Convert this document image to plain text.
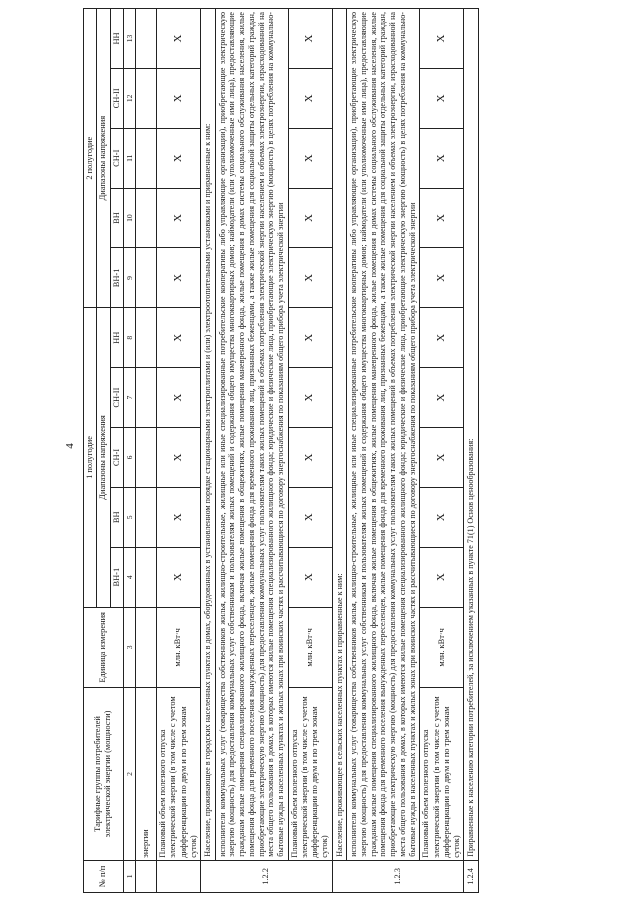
4
№ п/п	Тарифные группы потребителей электрической энергии (мощности)	Единица измерения	1 полугодие					2 полугодие				
			Диапазоны напряжения					Диапазоны напряжения				
			ВН-1	ВН	СН-I	СН-II	НН	ВН-1	ВН	СН-I	СН-II	НН
1	2	3	4	5	6	7	8	9	10	11	12	13
	энергии											
	Плановый объем полезного отпуска электрической энергии (в том числе с учетом дифференциации по двум и по трем зонам суток)	млн. кВт·ч	X	X	X	X	X	X	X	X	X	X
1.2.2	Население, проживающее в городских населенных пунктах в домах, оборудованных в установленном порядке стационарными электроплитами и (или) электроотопительными установками и приравненные к ним:											
	исполнители коммунальных услуг (товарищества собственников жилья, жилищно-строительные, жилищные или иные специализированные потребительские кооперативы либо управляющие организации), приобретающие электрическую энергию (мощность) для предоставления коммунальных услуг собственникам и пользователям жилых помещений и содержания общего имущества многоквартирных домов; наймодатели (или уполномоченные ими лица), предоставляющие гражданам жилые помещения специализированного жилищного фонда, включая жилые помещения в общежитиях, жилые помещения маневренного фонда, жилые помещения в домах системы социального обслуживания населения, жилые помещения фонда для временного поселения вынужденных переселенцев, жилые помещения фонда для временного проживания лиц, признанных беженцами, а также жилые помещения для социальной защиты отдельных категорий граждан, приобретающие электрическую энергию (мощность) для предоставления коммунальных услуг пользователям таких жилых помещений в объемах потребления электрической энергии населением и объемах электроэнергии, израсходованной на места общего пользования в домах, в которых имеются жилые помещения специализированного жилищного фонда; юридические и физические лица, приобретающие электрическую энергию (мощность) в целях потребления на коммунально-бытовые нужды в населенных пунктах и жилых зонах при воинских частях и рассчитывающиеся по договору энергоснабжения по показаниям общего прибора учета электрической энергии											
	Плановый объем полезного отпуска электрической энергии (в том числе с учетом дифференциации по двум и по трем зонам суток)	млн. кВт·ч	X	X	X	X	X	X	X	X	X	X
1.2.3	Население, проживающее в сельских населенных пунктах и приравненные к ним:											
	исполнители коммунальных услуг (товарищества собственников жилья, жилищно-строительные, жилищные или иные специализированные потребительские кооперативы либо управляющие организации), приобретающие электрическую энергию (мощность) для предоставления коммунальных услуг собственникам и пользователям жилых помещений и содержания общего имущества многоквартирных домов; наймодатели (или уполномоченные ими лица), предоставляющие гражданам жилые помещения специализированного жилищного фонда, включая жилые помещения в общежитиях, жилые помещения маневренного фонда, жилые помещения в домах системы социального обслуживания населения, жилые помещения фонда для временного поселения вынужденных переселенцев, жилые помещения фонда для временного проживания лиц, признанных беженцами, а также жилые помещения для социальной защиты отдельных категорий граждан, приобретающие электрическую энергию (мощность) для предоставления коммунальных услуг пользователям таких жилых помещений в объемах потребления электрической энергии населением и объемах электроэнергии, израсходованной на места общего пользования в домах, в которых имеются жилые помещения специализированного жилищного фонда; юридические и физические лица, приобретающие электрическую энергию (мощность) в целях потребления на коммунально-бытовые нужды в населенных пунктах и жилых зонах при воинских частях и рассчитывающиеся по договору энергоснабжения по показаниям общего прибора учета электрической энергии											
	Плановый объем полезного отпуска электрической энергии (в том числе с учетом дифференциации по двум и по трем зонам суток)	млн. кВт·ч	X	X	X	X	X	X	X	X	X	X
1.2.4	Приравненные к населению категории потребителей, за исключением указанных в пункте 71(1) Основ ценообразования:											
